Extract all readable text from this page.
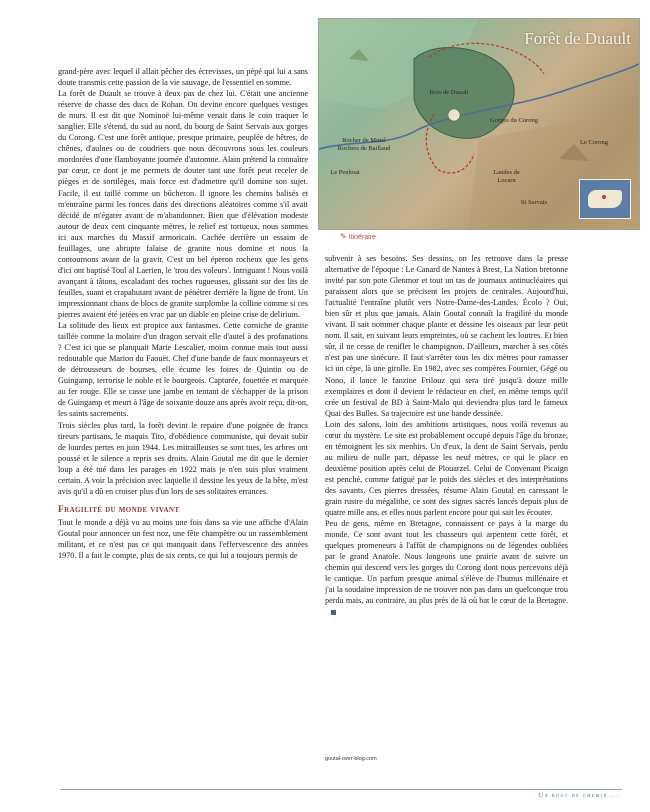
Forêt de Duault
Bois de Duault
Rocher de Mutel
Rochers de Baillaud
Le Penhoat
Gorges du Corong
Le Corong
Landes de Locarn
St Servais
✎ Itinéraire

grand-père avec lequel il allait pêcher des écrevisses, un pépé qui lui a sans doute transmis cette passion de la vie sauvage, de l'essentiel en somme.

La forêt de Duault se trouve à deux pas de chez lui. C'était une ancienne réserve de chasse des ducs de Rohan. On devine encore quelques vestiges de murs. Il est dit que Nominoë lui-même venait dans le coin traquer le sanglier. Elle s'étend, du sud au nord, du bourg de Saint Servais aux gorges du Corong. C'est une forêt antique, presque primaire, peuplée de hêtres, de chênes, d'aulnes ou de coudriers que nous découvrons sous les couleurs mordorées d'une flamboyante journée d'automne. Alain prétend la connaître par cœur, ce dont je me permets de douter tant une forêt peut receler de pièges et de sortilèges, mais force est d'admettre qu'il domine son sujet. Facile, il est taillé comme un bûcheron. Il ignore les chemins balisés et m'entraîne parmi les ronces dans des directions aléatoires comme s'il avait décidé de m'égarer avant de m'abandonner. Bien que d'élévation modeste autour de deux cent cinquante mètres, le relief est tortueux, nous sommes ici aux marches du Massif armoricain. Cachée derrière un essaim de feuillages, une abrupte falaise de granite nous domine et nous la contournons avant de la gravir. C'est un bel éperon rocheux que les gens d'ici ont baptisé Toul al Laerien, le 'trou des voleurs'. Intriguant ! Nous voilà avançant à tâtons, escaladant des roches rugueuses, glissant sur des lits de feuilles, suant et crapahutant avant de pénétrer derrière la ligne de front. Un impressionnant chaos de blocs de granite surplombe la colline comme si ces pierres avaient été jetées en vrac par un diable en pleine crise de delirium.

La solitude des lieux est propice aux fantasmes. Cette corniche de granite taillée comme la molaire d'un dragon servait elle d'autel à des profanations ? C'est ici que se planquait Marie Lescalier, moins connue mais tout aussi redoutable que Marion du Faouët. Chef d'une bande de faux monnayeurs et de détrousseurs de bourses, elle écume les foires de Quintin ou de Guingamp, terrorise le noble et le bourgeois. Capturée, fouettée et marquée au fer rouge. Elle se casse une jambe en tentant de s'échapper de la prison de Guingamp et meurt à l'âge de soixante douze ans après avoir reçu, dit-on, les saints sacrements.

Trois siècles plus tard, la forêt devint le repaire d'une poignée de francs tireurs partisans, le maquis Tito, d'obédience communiste, qui devait subir de lourdes pertes en juin 1944. Les mitrailleuses se sont tues, les arbres ont poussé et le silence a repris ses droits. Alain Goutal me dit que le dernier loup a été tué dans les parages en 1922 mais je n'en suis plus vraiment certain. A voir la précision avec laquelle il dessine les yeux de la bête, m'est avis qu'il a dû en croiser plus d'un lors de ses solitaires errances.

Fragilité du monde vivant

Tout le monde a déjà vu au moins une fois dans sa vie une affiche d'Alain Goutal pour annoncer un fest noz, une fête champêtre ou un rassemblement militant, et ce n'est pas ce qui manquait dans l'effervescence des années 1970. Il a fait le compte, plus de six cents, ce qui lui a toujours permis de

subvenir à ses besoins. Ses dessins, on les retrouve dans la presse alternative de l'époque : Le Canard de Nantes à Brest, La Nation bretonne invité par son pote Glenmor et tout un tas de journaux antinucléaires qui paraissent alors que se précisent les projets de centrales. Aujourd'hui, l'actualité l'entraîne plutôt vers Notre-Dame-des-Landes. Écolo ? Oui, bien sûr et plus que jamais. Alain Goutal connaît la fragilité du monde vivant. Il sait nommer chaque plante et dessine les oiseaux par leur petit nom. Il sait, en suivant leurs empreintes, où se cachent les loutres. Et bien sûr, il ne cesse de renifler le champignon. D'ailleurs, marcher à ses côtés n'est pas une sinécure. Il faut s'arrêter tous les dix mètres pour ramasser ici un cèpe, là une girolle. En 1982, avec ses compères Fournier, Gégé ou Nono, il lance le fanzine Frilouz qui sera tiré jusqu'à douze mille exemplaires et dont il devient le rédacteur en chef, en même temps qu'il crée un festival de BD à Saint-Malo qui deviendra plus tard le fameux Quai des Bulles. Sa trajectoire est une bande dessinée.

Loin des salons, loin des ambitions artistiques, nous voilà revenus au cœur du mystère. Le site est probablement occupé depuis l'âge du bronze, en témoignent les six menhirs. Un d'eux, la dent de Saint Servais, perdu au milieu de nulle part, dépasse les neuf mètres, ce qui le place en deuxième position après celui de Plouarzel. Celui de Convenant Picaign est penché, comme fatigué par le poids des siècles et des interprétations des savants. Ces pierres dressées, résume Alain Goutal en caressant le grain rustre du mégalithe, ce sont des signes sacrés lancés depuis plus de quatre mille ans, et elles nous parlent encore pour qui sait les écouter.

Peu de gens, même en Bretagne, connaissent ce pays à la marge du monde. Ce sont avant tout les chasseurs qui arpentent cette forêt, et quelques promeneurs à l'affût de champignons ou de légendes oubliées par le grand Anatole. Nous longeons une prairie avant de suivre un chemin qui descend vers les gorges du Corong dont nous percevons déjà le cantique. Un parfum presque animal s'élève de l'humus millénaire et j'ai la soudaine impression de ne trouver non pas dans un quelconque trou perdu mais, au contraire, au plus près de là où bat le cœur de la Bretagne.

goutal-over-blog.com
Un bout de chemin ...
